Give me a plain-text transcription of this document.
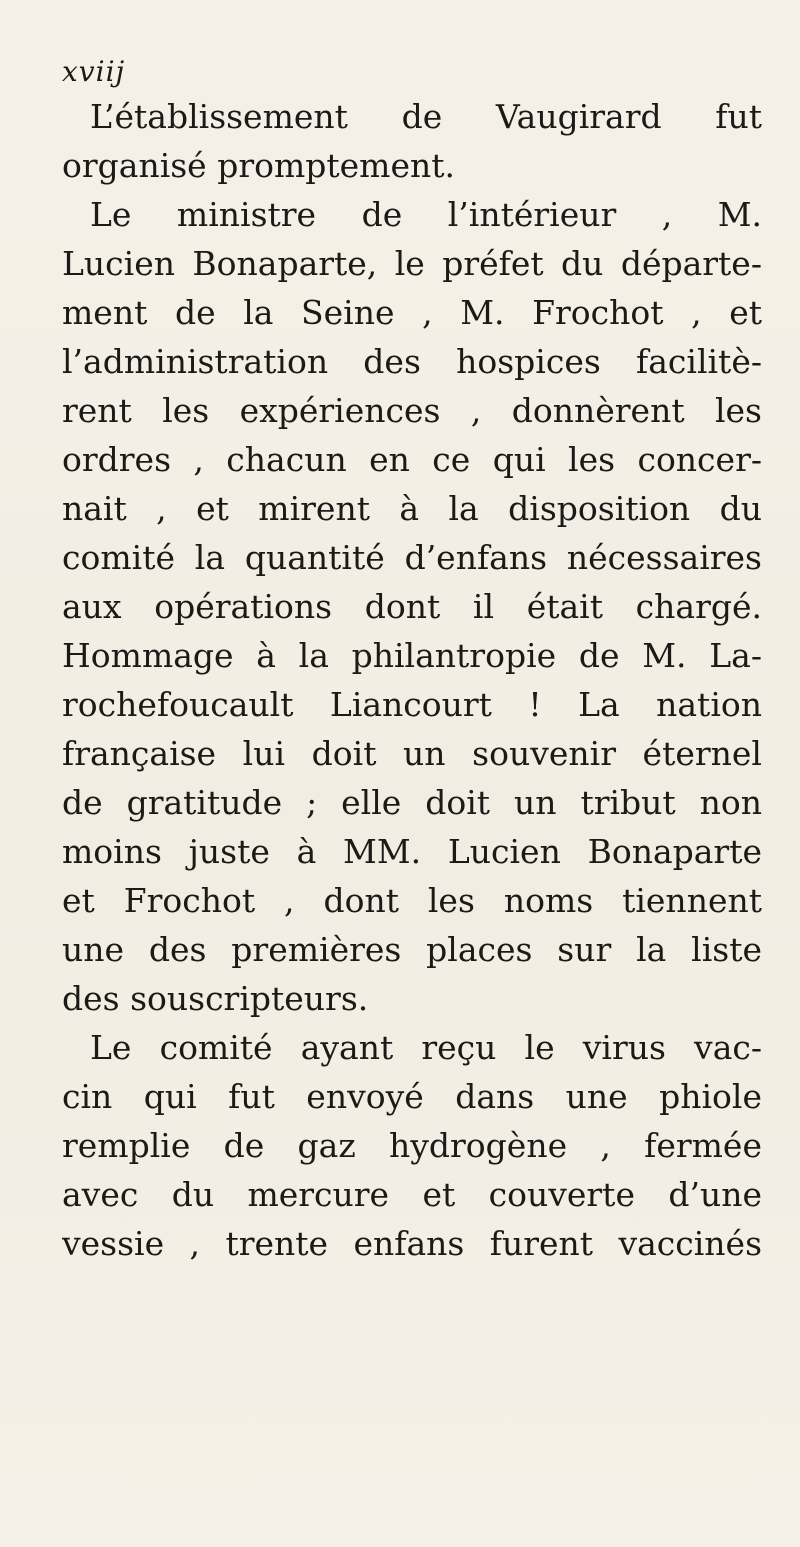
xviij
L’établissement de Vaugirard fut
organisé promptement.
Le ministre de l’intérieur , M.
Lucien Bonaparte, le préfet du départe-
ment de la Seine , M. Frochot , et
l’administration des hospices facilitè-
rent les expériences , donnèrent les
ordres , chacun en ce qui les concer-
nait , et mirent à la disposition du
comité la quantité d’enfans nécessaires
aux opérations dont il était chargé.
Hommage à la philantropie de M. La-
rochefoucault Liancourt ! La nation
française lui doit un souvenir éternel
de gratitude ; elle doit un tribut non
moins juste à MM. Lucien Bonaparte
et Frochot , dont les noms tiennent
une des premières places sur la liste
des souscripteurs.
Le comité ayant reçu le virus vac-
cin qui fut envoyé dans une phiole
remplie de gaz hydrogène , fermée
avec du mercure et couverte d’une
vessie , trente enfans furent vaccinés
